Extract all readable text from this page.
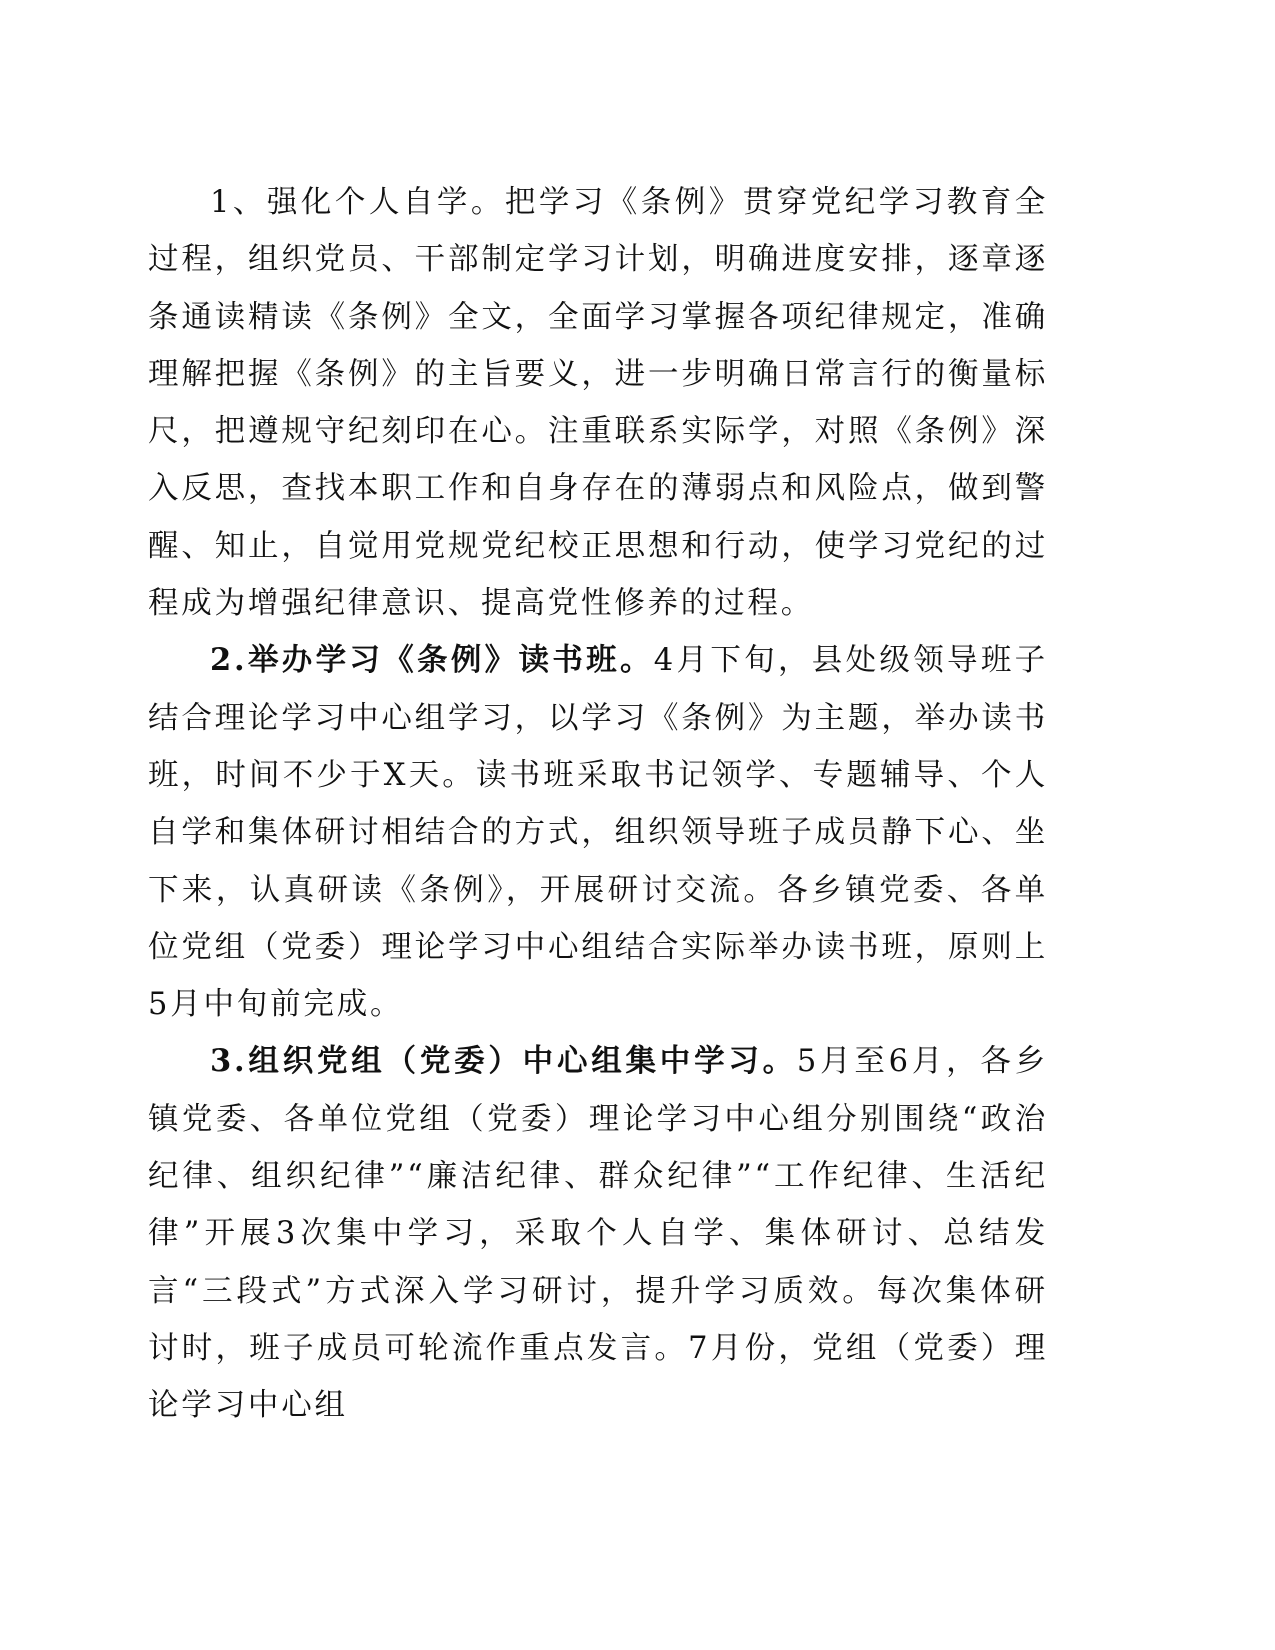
1、强化个人自学。把学习《条例》贯穿党纪学习教育全过程，组织党员、干部制定学习计划，明确进度安排，逐章逐条通读精读《条例》全文，全面学习掌握各项纪律规定，准确理解把握《条例》的主旨要义，进一步明确日常言行的衡量标尺，把遵规守纪刻印在心。注重联系实际学，对照《条例》深入反思，查找本职工作和自身存在的薄弱点和风险点，做到警醒、知止，自觉用党规党纪校正思想和行动，使学习党纪的过程成为增强纪律意识、提高党性修养的过程。

2.举办学习《条例》读书班。4月下旬，县处级领导班子结合理论学习中心组学习，以学习《条例》为主题，举办读书班，时间不少于X天。读书班采取书记领学、专题辅导、个人自学和集体研讨相结合的方式，组织领导班子成员静下心、坐下来，认真研读《条例》，开展研讨交流。各乡镇党委、各单位党组（党委）理论学习中心组结合实际举办读书班，原则上5月中旬前完成。

3.组织党组（党委）中心组集中学习。5月至6月，各乡镇党委、各单位党组（党委）理论学习中心组分别围绕“政治纪律、组织纪律”“廉洁纪律、群众纪律”“工作纪律、生活纪律”开展3次集中学习，采取个人自学、集体研讨、总结发言“三段式”方式深入学习研讨，提升学习质效。每次集体研讨时，班子成员可轮流作重点发言。7月份，党组（党委）理论学习中心组
